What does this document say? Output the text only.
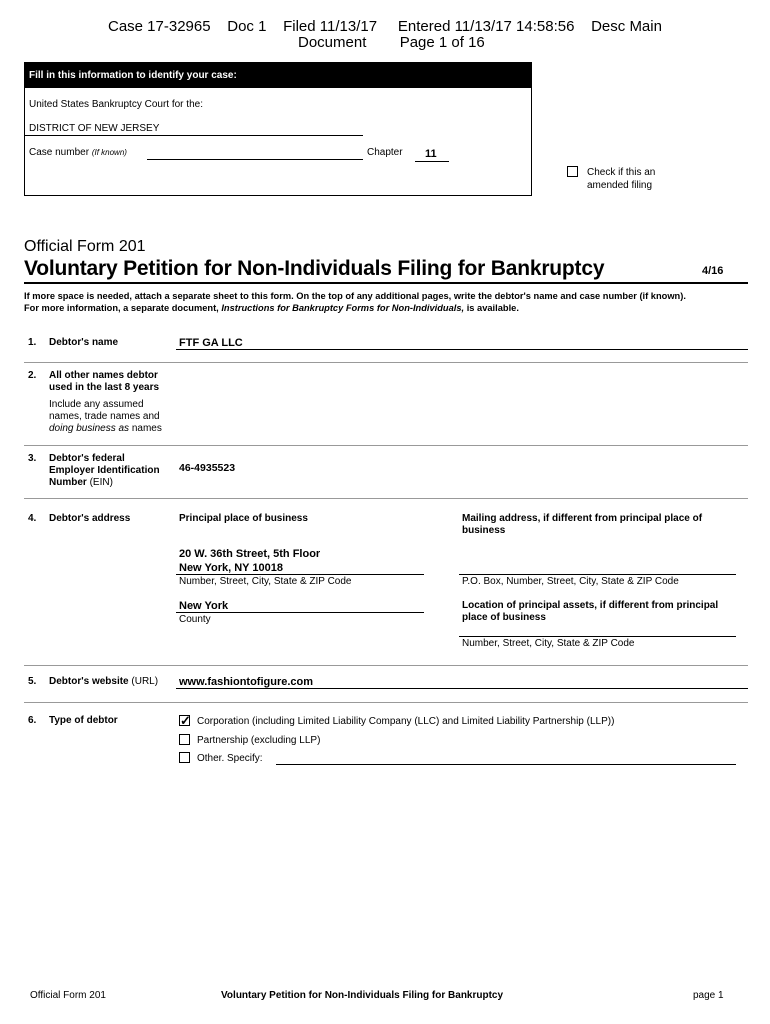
Case 17-32965    Doc 1    Filed 11/13/17     Entered 11/13/17 14:58:56    Desc Main
Document        Page 1 of 16
Fill in this information to identify your case:
United States Bankruptcy Court for the:
DISTRICT OF NEW JERSEY
Case number (If known)	Chapter 11
Check if this an
amended filing
Official Form 201
Voluntary Petition for Non-Individuals Filing for Bankruptcy	4/16
If more space is needed, attach a separate sheet to this form. On the top of any additional pages, write the debtor's name and case number (if known).
For more information, a separate document, Instructions for Bankruptcy Forms for Non-Individuals, is available.
1. Debtor's name	FTF GA LLC
2. All other names debtor
used in the last 8 years
Include any assumed
names, trade names and
doing business as names
3. Debtor's federal
Employer Identification
Number (EIN)
46-4935523
4. Debtor's address	Principal place of business	Mailing address, if different from principal place of
business
20 W. 36th Street, 5th Floor
New York, NY 10018
Number, Street, City, State & ZIP Code	P.O. Box, Number, Street, City, State & ZIP Code
New York
County
Location of principal assets, if different from principal
place of business
Number, Street, City, State & ZIP Code
5. Debtor's website (URL) www.fashiontofigure.com
6. Type of debtor	✓ Corporation (including Limited Liability Company (LLC) and Limited Liability Partnership (LLP))
Partnership (excluding LLP)
Other. Specify:
Official Form 201	Voluntary Petition for Non-Individuals Filing for Bankruptcy	page 1
